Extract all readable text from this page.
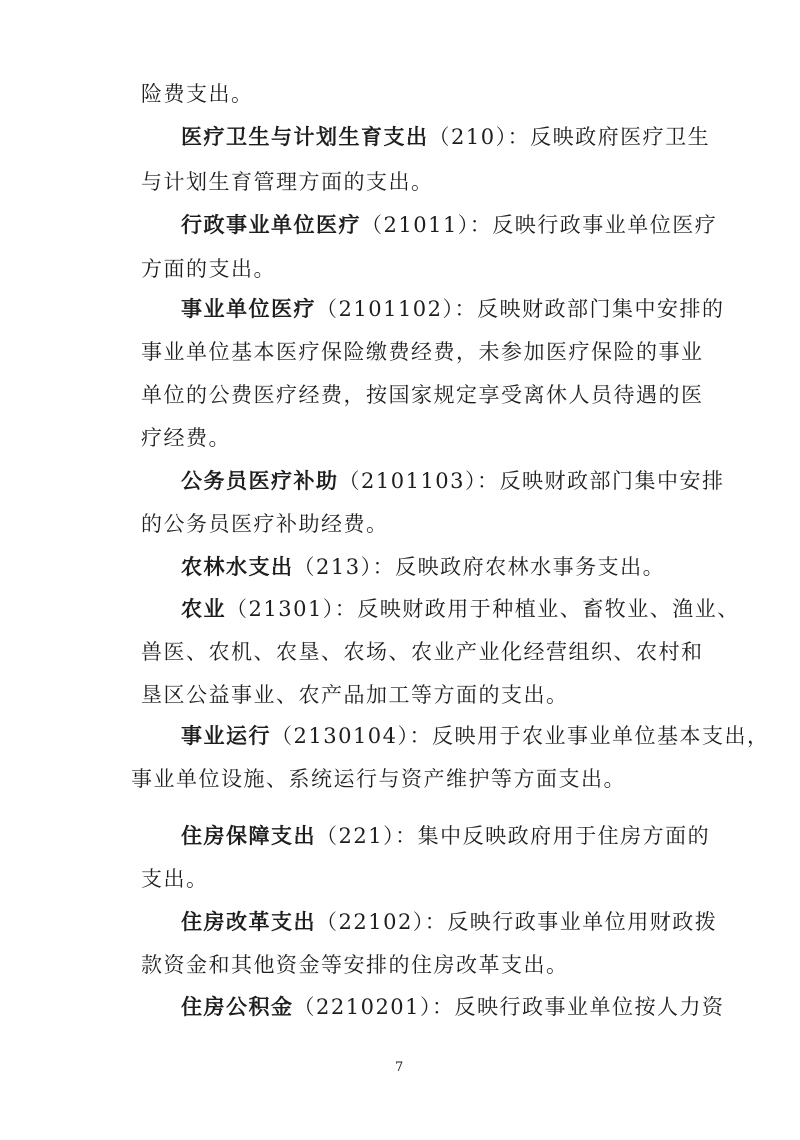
险费支出。
医疗卫生与计划生育支出（210）：反映政府医疗卫生
与计划生育管理方面的支出。
行政事业单位医疗（21011）：反映行政事业单位医疗
方面的支出。
事业单位医疗（2101102）：反映财政部门集中安排的
事业单位基本医疗保险缴费经费，未参加医疗保险的事业
单位的公费医疗经费，按国家规定享受离休人员待遇的医
疗经费。
公务员医疗补助（2101103）：反映财政部门集中安排
的公务员医疗补助经费。
农林水支出（213）：反映政府农林水事务支出。
农业（21301）：反映财政用于种植业、畜牧业、渔业、
兽医、农机、农垦、农场、农业产业化经营组织、农村和
垦区公益事业、农产品加工等方面的支出。
事业运行（2130104）：反映用于农业事业单位基本支出，
事业单位设施、系统运行与资产维护等方面支出。
住房保障支出（221）：集中反映政府用于住房方面的
支出。
住房改革支出（22102）：反映行政事业单位用财政拨
款资金和其他资金等安排的住房改革支出。
住房公积金（2210201）：反映行政事业单位按人力资
7
